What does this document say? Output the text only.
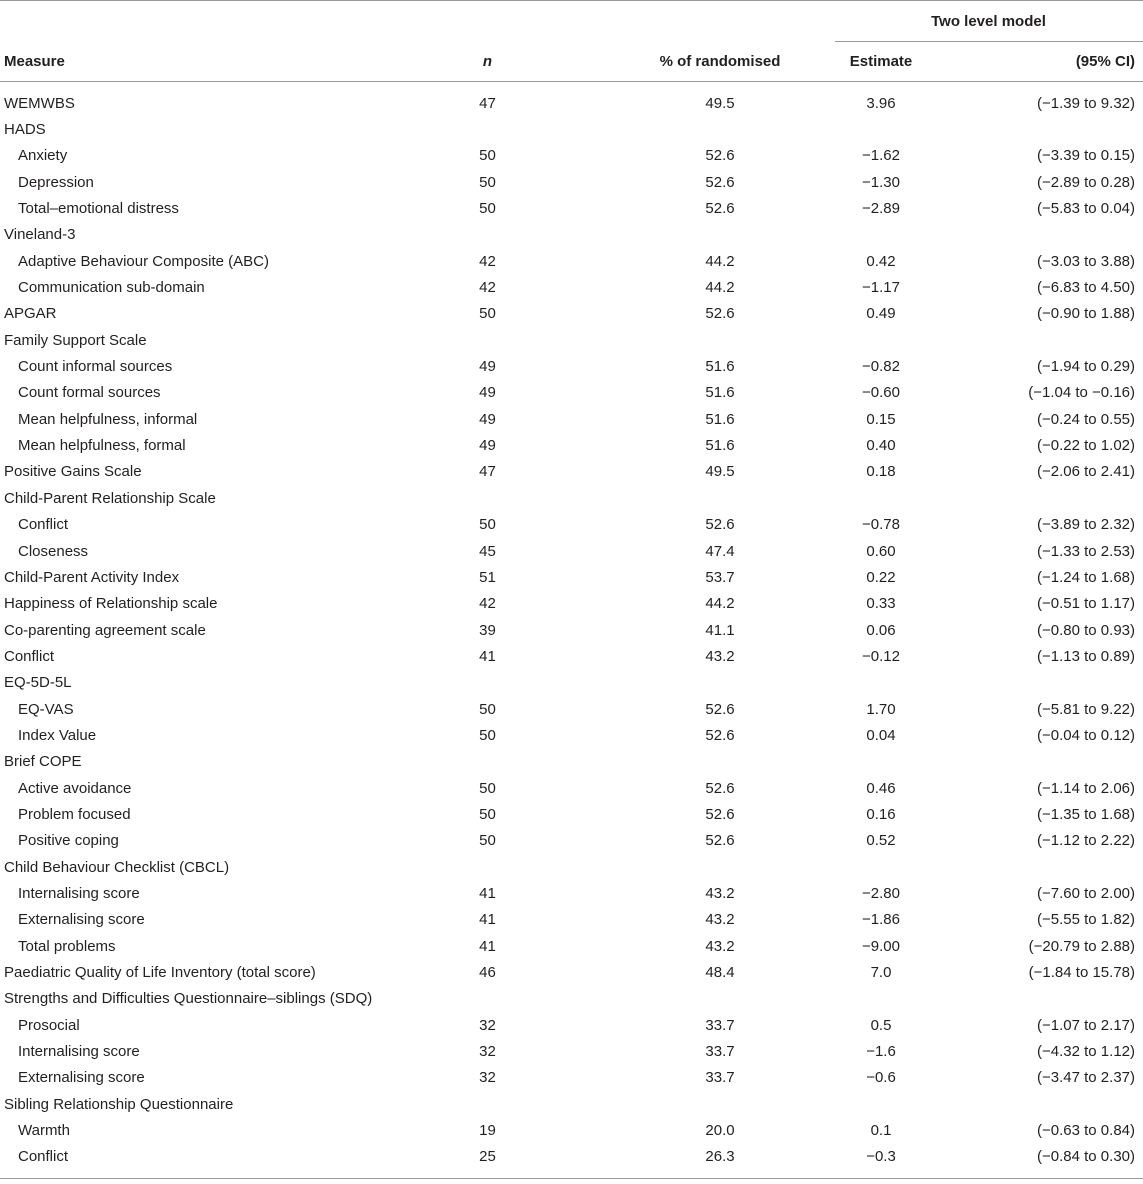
			Two level model	
Measure	n	% of randomised	Estimate	(95% CI)
WEMWBS	47	49.5	3.96	(−1.39 to 9.32)
HADS				
Anxiety	50	52.6	−1.62	(−3.39 to 0.15)
Depression	50	52.6	−1.30	(−2.89 to 0.28)
Total–emotional distress	50	52.6	−2.89	(−5.83 to 0.04)
Vineland-3				
Adaptive Behaviour Composite (ABC)	42	44.2	0.42	(−3.03 to 3.88)
Communication sub-domain	42	44.2	−1.17	(−6.83 to 4.50)
APGAR	50	52.6	0.49	(−0.90 to 1.88)
Family Support Scale				
Count informal sources	49	51.6	−0.82	(−1.94 to 0.29)
Count formal sources	49	51.6	−0.60	(−1.04 to −0.16)
Mean helpfulness, informal	49	51.6	0.15	(−0.24 to 0.55)
Mean helpfulness, formal	49	51.6	0.40	(−0.22 to 1.02)
Positive Gains Scale	47	49.5	0.18	(−2.06 to 2.41)
Child-Parent Relationship Scale				
Conflict	50	52.6	−0.78	(−3.89 to 2.32)
Closeness	45	47.4	0.60	(−1.33 to 2.53)
Child-Parent Activity Index	51	53.7	0.22	(−1.24 to 1.68)
Happiness of Relationship scale	42	44.2	0.33	(−0.51 to 1.17)
Co-parenting agreement scale	39	41.1	0.06	(−0.80 to 0.93)
Conflict	41	43.2	−0.12	(−1.13 to 0.89)
EQ-5D-5L				
EQ-VAS	50	52.6	1.70	(−5.81 to 9.22)
Index Value	50	52.6	0.04	(−0.04 to 0.12)
Brief COPE				
Active avoidance	50	52.6	0.46	(−1.14 to 2.06)
Problem focused	50	52.6	0.16	(−1.35 to 1.68)
Positive coping	50	52.6	0.52	(−1.12 to 2.22)
Child Behaviour Checklist (CBCL)				
Internalising score	41	43.2	−2.80	(−7.60 to 2.00)
Externalising score	41	43.2	−1.86	(−5.55 to 1.82)
Total problems	41	43.2	−9.00	(−20.79 to 2.88)
Paediatric Quality of Life Inventory (total score)	46	48.4	7.0	(−1.84 to 15.78)
Strengths and Difficulties Questionnaire–siblings (SDQ)				
Prosocial	32	33.7	0.5	(−1.07 to 2.17)
Internalising score	32	33.7	−1.6	(−4.32 to 1.12)
Externalising score	32	33.7	−0.6	(−3.47 to 2.37)
Sibling Relationship Questionnaire				
Warmth	19	20.0	0.1	(−0.63 to 0.84)
Conflict	25	26.3	−0.3	(−0.84 to 0.30)
